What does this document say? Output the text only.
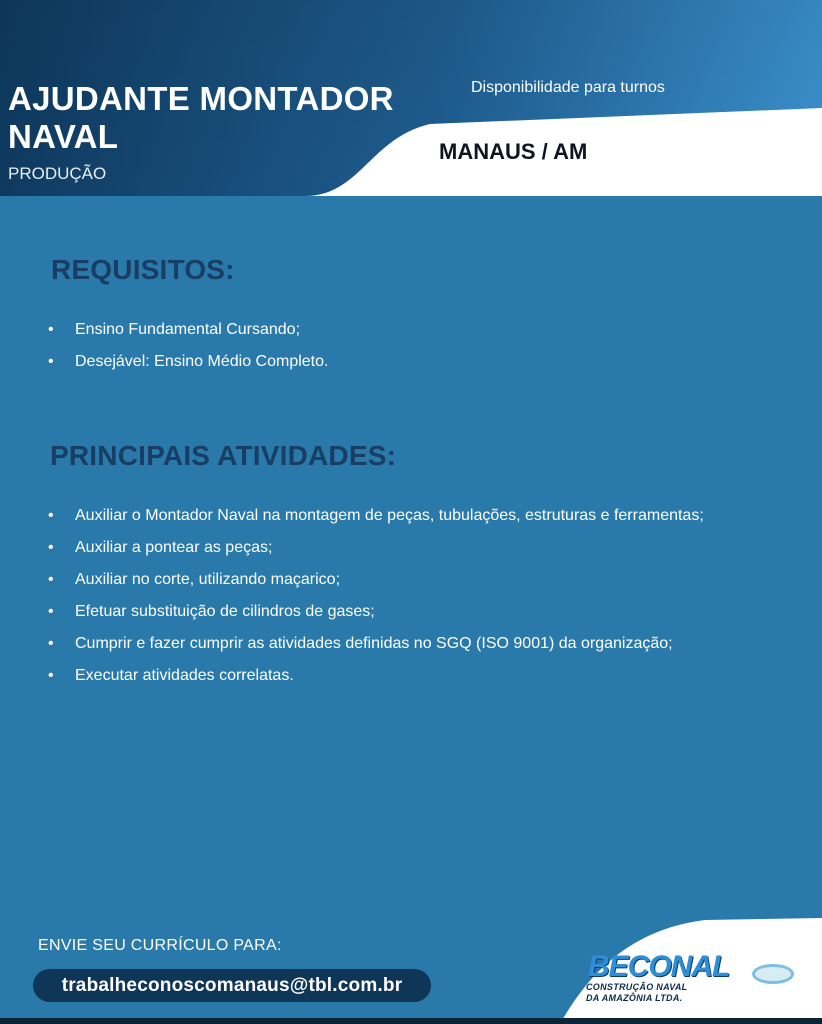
AJUDANTE MONTADOR NAVAL

PRODUÇÃO

Disponibilidade para turnos

MANAUS / AM

REQUISITOS:
• Ensino Fundamental Cursando;
• Desejável: Ensino Médio Completo.
PRINCIPAIS ATIVIDADES:
• Auxiliar o Montador Naval na montagem de peças, tubulações, estruturas e ferramentas;
• Auxiliar a pontear as peças;
• Auxiliar no corte, utilizando maçarico;
• Efetuar substituição de cilindros de gases;
• Cumprir e fazer cumprir as atividades definidas no SGQ (ISO 9001) da organização;
• Executar atividades correlatas.

ENVIE SEU CURRÍCULO PARA:

trabalheconoscomanaus@tbl.com.br
BECONAL
CONSTRUÇÃO NAVAL
DA AMAZÔNIA LTDA.
